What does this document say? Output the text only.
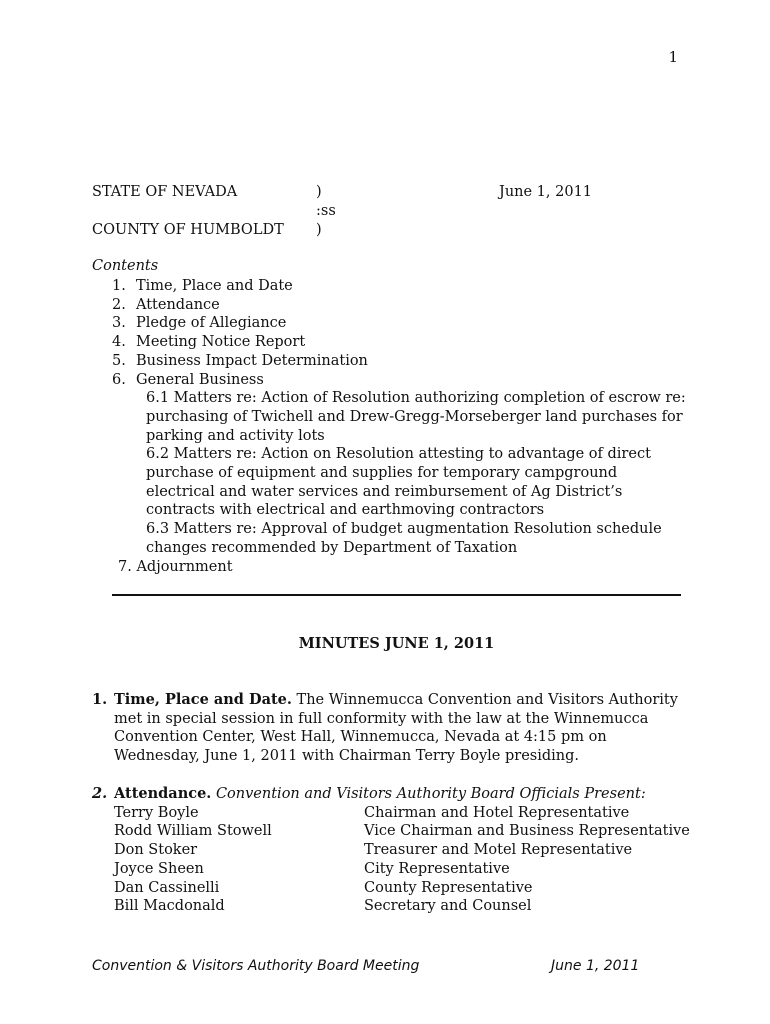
1
STATE OF NEVADA	)	June 1, 2011
:ss
COUNTY OF HUMBOLDT )
Contents
1. Time, Place and Date
2. Attendance
3. Pledge of Allegiance
4. Meeting Notice Report
5. Business Impact Determination
6. General Business
6.1 Matters re: Action of Resolution authorizing completion of escrow re: purchasing of Twichell and Drew-Gregg-Morseberger land purchases for parking and activity lots
6.2 Matters re: Action on Resolution attesting to advantage of direct purchase of equipment and supplies for temporary campground electrical and water services and reimbursement of Ag District’s contracts with electrical and earthmoving contractors
6.3 Matters re: Approval of budget augmentation Resolution schedule changes recommended by Department of Taxation
7. Adjournment
MINUTES JUNE 1, 2011
1. Time, Place and Date. The Winnemucca Convention and Visitors Authority met in special session in full conformity with the law at the Winnemucca Convention Center, West Hall, Winnemucca, Nevada at 4:15 pm on Wednesday, June 1, 2011 with Chairman Terry Boyle presiding.
2. Attendance. Convention and Visitors Authority Board Officials Present:
Terry Boyle	Chairman and Hotel Representative
Rodd William Stowell	Vice Chairman and Business Representative
Don Stoker	Treasurer and Motel Representative
Joyce Sheen	City Representative
Dan Cassinelli	County Representative
Bill Macdonald	Secretary and Counsel
Convention & Visitors Authority Board Meeting	June 1, 2011
